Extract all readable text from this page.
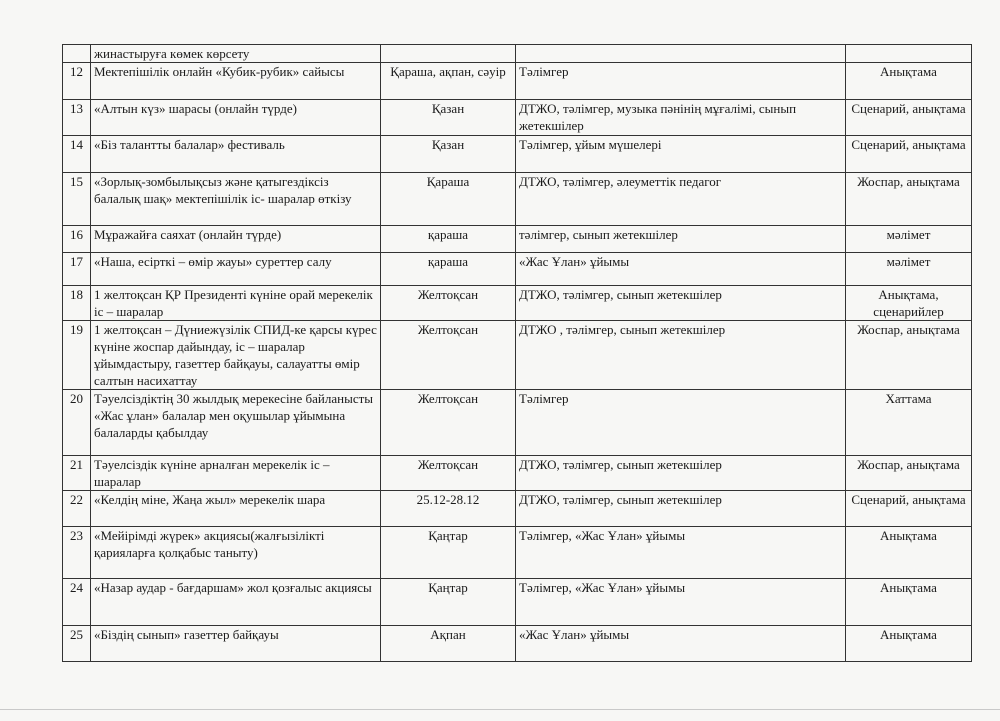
	жинастыруға көмек көрсету			
12	Мектепішілік онлайн «Кубик-рубик» сайысы	Қараша, ақпан, сәуір	Тәлімгер	Анықтама
13	«Алтын күз» шарасы (онлайн түрде)	Қазан	ДТЖО, тәлімгер, музыка пәнінің мұғалімі, сынып жетекшілер	Сценарий, анықтама
14	«Біз талантты балалар» фестиваль	Қазан	Тәлімгер, ұйым мүшелері	Сценарий, анықтама
15	«Зорлық-зомбылықсыз және қатыгездіксіз балалық шақ» мектепішілік іс- шаралар өткізу	Қараша	ДТЖО, тәлімгер, әлеуметтік педагог	Жоспар, анықтама
16	Мұражайға саяхат (онлайн түрде)	қараша	тәлімгер, сынып жетекшілер	мәлімет
17	«Наша, есірткі – өмір жауы» суреттер салу	қараша	«Жас Ұлан» ұйымы	мәлімет
18	1 желтоқсан ҚР Президенті күніне орай мерекелік іс – шаралар	Желтоқсан	ДТЖО, тәлімгер, сынып жетекшілер	Анықтама, сценарийлер
19	1 желтоқсан – Дүниежүзілік СПИД-ке қарсы күрес күніне жоспар дайындау, іс – шаралар ұйымдастыру, газеттер байқауы, салауатты өмір салтын насихаттау	Желтоқсан	ДТЖО , тәлімгер, сынып жетекшілер	Жоспар, анықтама
20	Тәуелсіздіктің 30 жылдық мерекесіне байланысты «Жас ұлан» балалар мен оқушылар ұйымына балаларды қабылдау	Желтоқсан	Тәлімгер	Хаттама
21	Тәуелсіздік күніне арналған мерекелік іс – шаралар	Желтоқсан	ДТЖО, тәлімгер, сынып жетекшілер	Жоспар, анықтама
22	«Келдің міне, Жаңа жыл» мерекелік шара	25.12-28.12	ДТЖО, тәлімгер, сынып жетекшілер	Сценарий, анықтама
23	«Мейірімді жүрек» акциясы(жалғызілікті қарияларға қолқабыс таныту)	Қаңтар	Тәлімгер, «Жас Ұлан» ұйымы	Анықтама
24	«Назар аудар - бағдаршам» жол қозғалыс акциясы	Қаңтар	Тәлімгер, «Жас Ұлан» ұйымы	Анықтама
25	«Біздің сынып» газеттер байқауы	Ақпан	«Жас Ұлан» ұйымы	Анықтама
